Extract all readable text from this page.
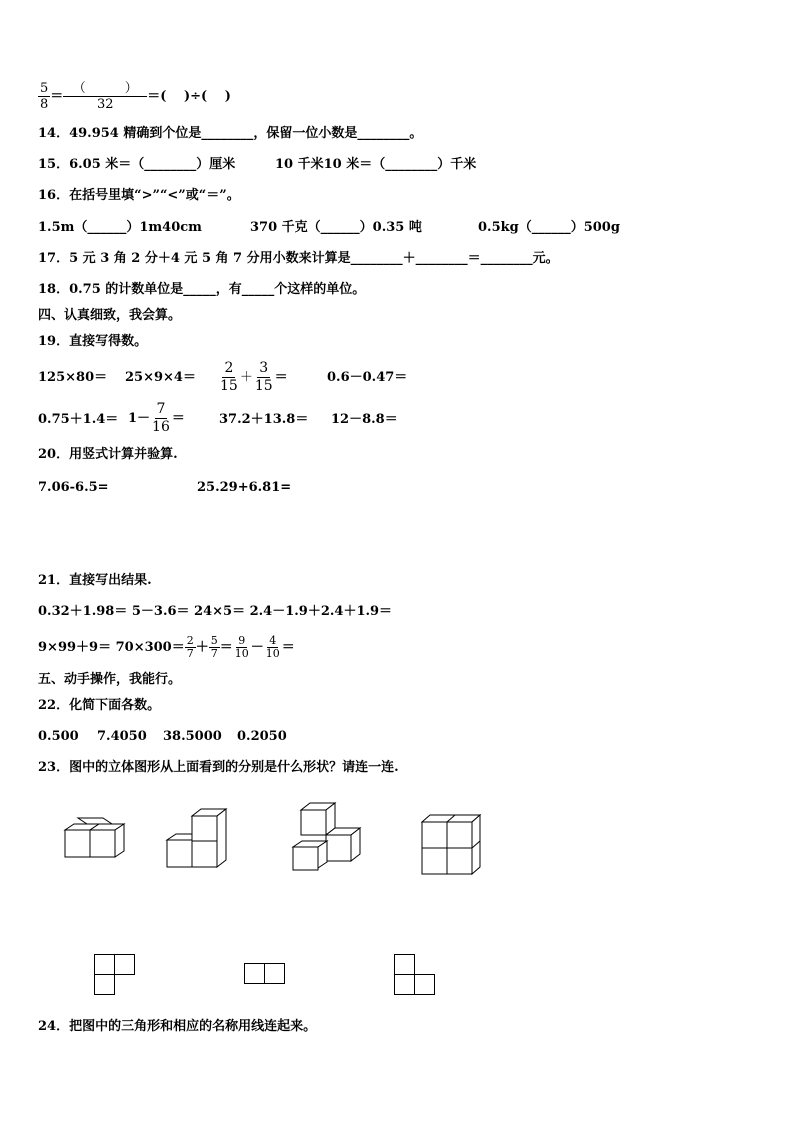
$\frac{5}{8} = \frac{( )}{32}$ ＝(　 )÷(　 )
14．49.954 精确到个位是________，保留一位小数是________。
15．6.05 米＝（________）厘米	10 千米10 米＝（________）千米
16．在括号里填“>”“<”或“＝”。
1.5m（______）1m40cm	370 千克（______）0.35 吨	0.5kg（______）500g
17．5 元 3 角 2 分＋4 元 5 角 7 分用小数来计算是________＋________＝________元。
18．0.75 的计数单位是_____，有_____个这样的单位。
四、认真细致，我会算。
19．直接写得数。
$125\times 80= 25\times 9\times 4= \frac{2}{15} + \frac{3}{15}$ ＝	0.6－0.47＝
$0.75+1.4= 1- \frac{7}{16}$ ＝	37.2＋13.8＝ 12－8.8＝
20．用竖式计算并验算.
7.06-6.5=	25.29+6.81=
21．直接写出结果.
0.32＋1.98＝ 5－3.6＝ 24×5＝ 2.4－1.9＋2.4＋1.9＝
$9\times 99+9= 70\times 300= \frac{2}{7} + \frac{5}{7} = \frac{9}{10} - \frac{4}{10}$ ＝
五、动手操作，我能行。
22．化简下面各数。
0.500 7.4050 38.5000 0.2050
23．图中的立体图形从上面看到的分别是什么形状？请连一连.
24．把图中的三角形和相应的名称用线连起来。
